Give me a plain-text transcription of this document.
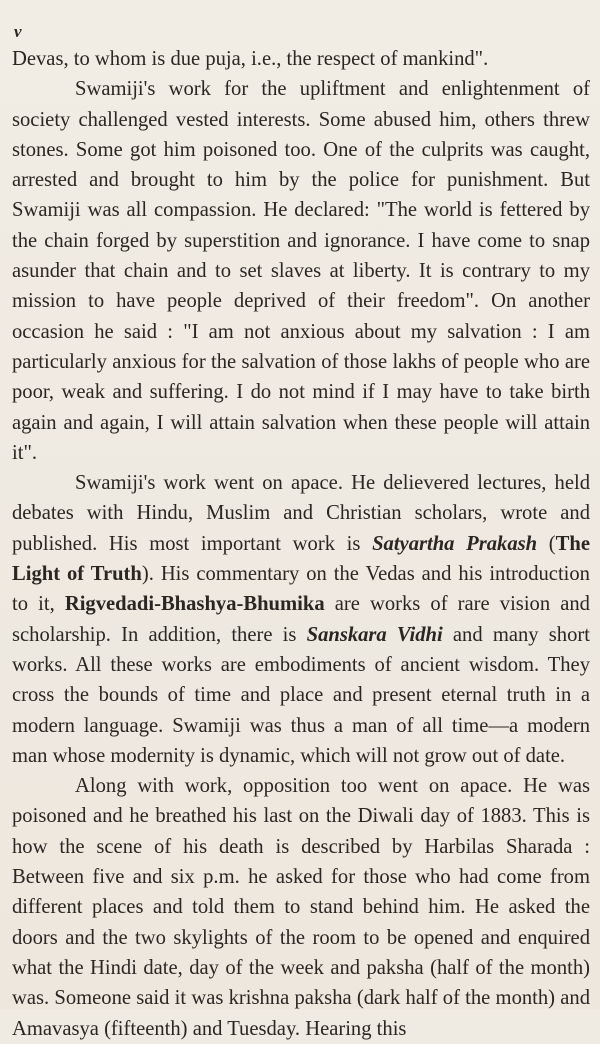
v

Devas, to whom is due puja, i.e., the respect of mankind".

Swamiji's work for the upliftment and enlightenment of society challenged vested interests. Some abused him, others threw stones. Some got him poisoned too. One of the culprits was caught, arrested and brought to him by the police for punishment. But Swamiji was all compassion. He declared: "The world is fettered by the chain forged by superstition and ignorance. I have come to snap asunder that chain and to set slaves at liberty. It is contrary to my mission to have people deprived of their freedom". On another occasion he said : "I am not anxious about my salvation : I am particularly anxious for the salvation of those lakhs of people who are poor, weak and suffering. I do not mind if I may have to take birth again and again, I will attain salvation when these people will attain it".

Swamiji's work went on apace. He delievered lectures, held debates with Hindu, Muslim and Christian scholars, wrote and published. His most important work is Satyartha Prakash (The Light of Truth). His commentary on the Vedas and his introduction to it, Rigvedadi-Bhashya-Bhumika are works of rare vision and scholarship. In addition, there is Sanskara Vidhi and many short works. All these works are embodiments of ancient wisdom. They cross the bounds of time and place and present eternal truth in a modern language. Swamiji was thus a man of all time—a modern man whose modernity is dynamic, which will not grow out of date.

Along with work, opposition too went on apace. He was poisoned and he breathed his last on the Diwali day of 1883. This is how the scene of his death is described by Harbilas Sharada : Between five and six p.m. he asked for those who had come from different places and told them to stand behind him. He asked the doors and the two skylights of the room to be opened and enquired what the Hindi date, day of the week and paksha (half of the month) was. Someone said it was krishna paksha (dark half of the month) and Amavasya (fifteenth) and Tuesday. Hearing this
